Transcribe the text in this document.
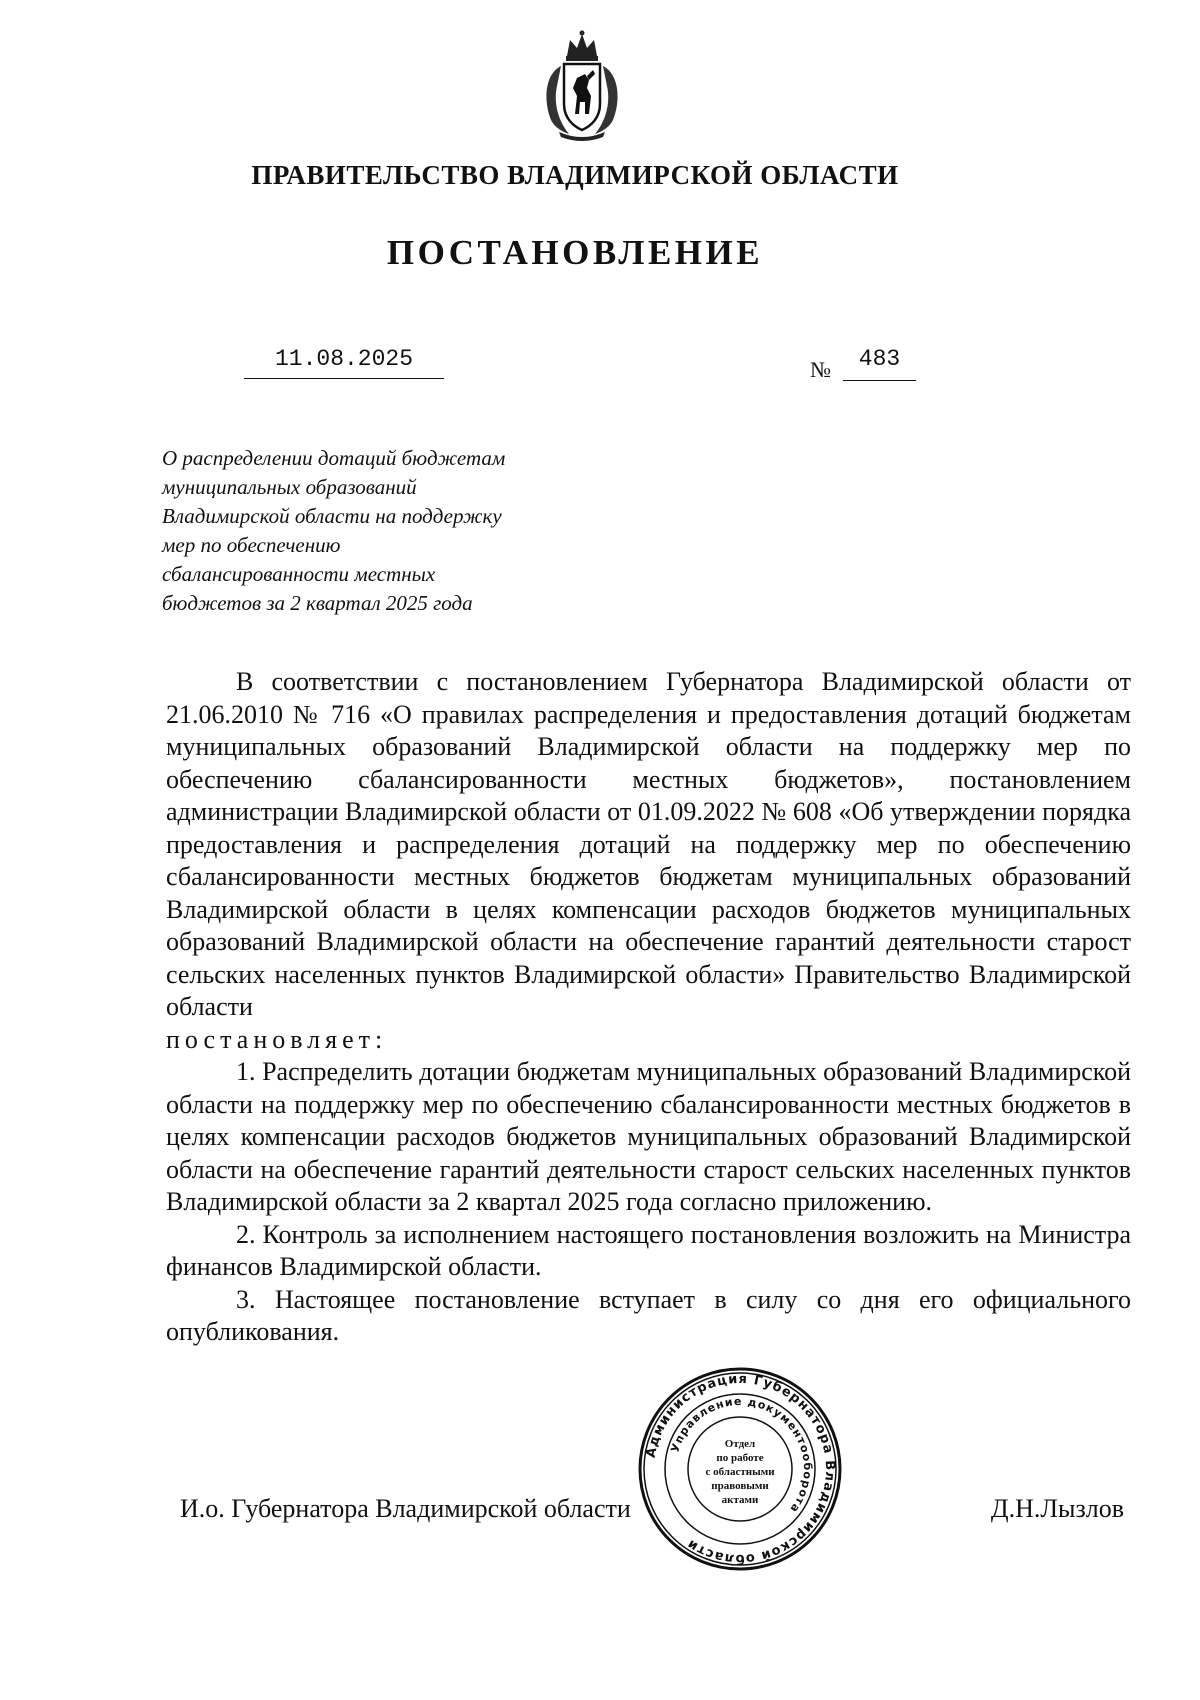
ПРАВИТЕЛЬСТВО ВЛАДИМИРСКОЙ ОБЛАСТИ
ПОСТАНОВЛЕНИЕ
11.08.2025	№	483
О распределении дотаций бюджетам
муниципальных образований
Владимирской области на поддержку
мер по обеспечению
сбалансированности местных
бюджетов за 2 квартал 2025 года

В соответствии с постановлением Губернатора Владимирской области от 21.06.2010 № 716 «О правилах распределения и предоставления дотаций бюджетам муниципальных образований Владимирской области на поддержку мер по обеспечению сбалансированности местных бюджетов», постановлением администрации Владимирской области от 01.09.2022 № 608 «Об утверждении порядка предоставления и распределения дотаций на поддержку мер по обеспечению сбалансированности местных бюджетов бюджетам муниципальных образований Владимирской области в целях компенсации расходов бюджетов муниципальных образований Владимирской области на обеспечение гарантий деятельности старост сельских населенных пунктов Владимирской области» Правительство Владимирской области

постановляет:

1. Распределить дотации бюджетам муниципальных образований Владимирской области на поддержку мер по обеспечению сбалансированности местных бюджетов в целях компенсации расходов бюджетов муниципальных образований Владимирской области на обеспечение гарантий деятельности старост сельских населенных пунктов Владимирской области за 2 квартал 2025 года согласно приложению.

2. Контроль за исполнением настоящего постановления возложить на Министра финансов Владимирской области.

3. Настоящее постановление вступает в силу со дня его официального опубликования.

И.о. Губернатора Владимирской области	Д.Н.Лызлов
Администрация Губернатора Владимирской области
Управление документооборота
Отдел
по работе
с областными
правовыми
актами
